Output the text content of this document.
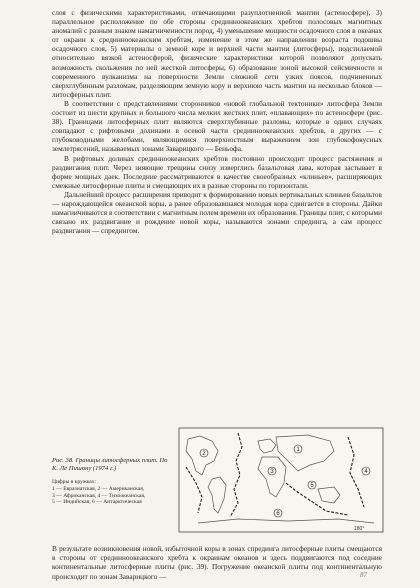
слоя с физическими характеристиками, отвечающими разуплотненной мантии (астеносфере), 3) параллельное расположение по обе стороны срединноокеанских хребтов полосовых магнитных аномалий с разным знаком намагниченности пород, 4) уменьшение мощности осадочного слоя в океанах от окраин к срединноокеанским хребтам, изменение в этом же направлении возраста подошвы осадочного слоя, 5) материалы о земной коре и верхней части мантии (литосферы), подстилаемой относительно вязкой астеносферой, физические характеристики которой позволяют допускать возможность скольжения по ней жесткой литосферы, 6) образование зоной высокой сейсмичности и современного вулканизма на поверхности Земли сложной сети узких поясов, подчиненных сверхглубинным разломам, разделяющим земную кору и верхнюю часть мантии на несколько блоков — литосферных плит.

В соответствии с представлениями сторонников «новой глобальной тектоники» литосфера Земли состоит из шести крупных и большого числа мелких жестких плит, «плавающих» по астеносфере (рис. 38). Границами литосферных плит являются сверхглубинные разломы, которые в одних случаях совпадают с рифтовыми долинами в осевой части срединноокеанских хребтов, в других — с глубоководными желобами, являющимися поверхностным выражением зон глубокофокусных землетрясений, называемых зонами Заварицкого — Беньофа.

В рифтовых долинах срединноокеанских хребтов постоянно происходит процесс растяжения и раздвигания плит. Через зияющие трещины снизу изверглись базальтовая лава, которая застывает в форме мощных даек. Последние рассматриваются в качестве своеобразных «клиньев», расширяющих смежные литосферные плиты и смещающих их в разные стороны по горизонтали.

Дальнейший процесс расширения приводит к формированию новых вертикальных клиньев базальтов — нарождающейся океанской коры, а ранее образовавшаяся молодая кора сдвигается в стороны. Дайки намагничиваются в соответствии с магнитным полем времени их образования. Границы плит, с которыми связано их раздвигание и рождение новой коры, называются зонами спрединга, а сам процесс раздвигания — спредингом.

Рис. 38. Границы литосферных плит. По К. Ле Пишону (1974 г.)
Цифры в кружках:
1 — Евразиатская, 2 — Американская,
3 — Африканская, 4 — Тихоокеанская,
5 — Индийская, 6 — Антарктическая
1
2
3	4
5
6
180°

В результате возникновения новой, избыточной коры в зонах спрединга литосферные плиты смещаются в стороны от срединноокеанского хребта к окраинам океанов и здесь поддвигаются под соседние континентальные литосферные плиты (рис. 39). Погружение океанской плиты под континентальную происходит по зонам Заварицкого —	87
